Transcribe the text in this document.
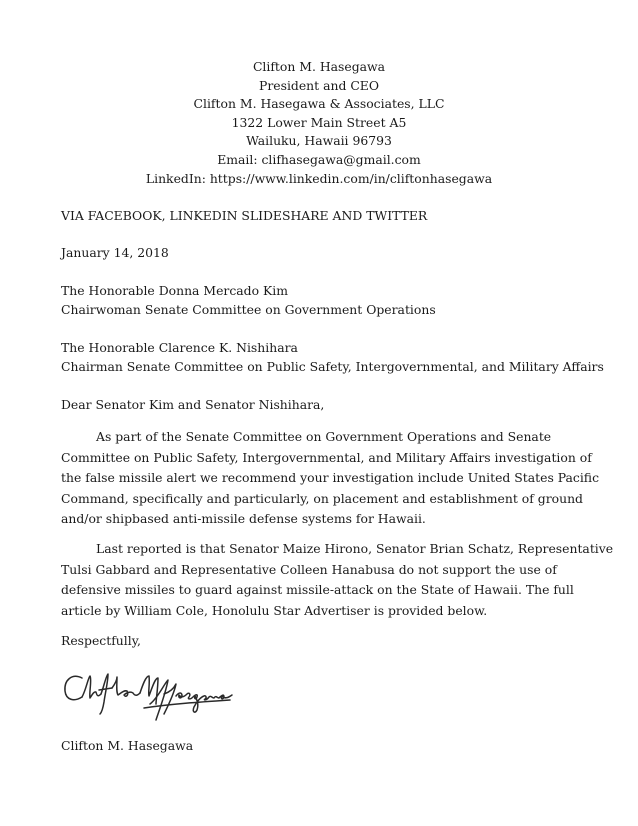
Clifton M. Hasegawa
President and CEO
Clifton M. Hasegawa & Associates, LLC
1322 Lower Main Street A5
Wailuku, Hawaii 96793
Email: clifhasegawa@gmail.com
LinkedIn: https://www.linkedin.com/in/cliftonhasegawa
VIA FACEBOOK, LINKEDIN SLIDESHARE AND TWITTER
January 14, 2018
The Honorable Donna Mercado Kim
Chairwoman Senate Committee on Government Operations
The Honorable Clarence K. Nishihara
Chairman Senate Committee on Public Safety, Intergovernmental, and Military Affairs
Dear Senator Kim and Senator Nishihara,
As part of the Senate Committee on Government Operations and Senate
Committee on Public Safety, Intergovernmental, and Military Affairs investigation of
the false missile alert we recommend your investigation include United States Pacific
Command, specifically and particularly, on placement and establishment of ground
and/or shipbased anti-missile defense systems for Hawaii.
Last reported is that Senator Maize Hirono, Senator Brian Schatz, Representative
Tulsi Gabbard and Representative Colleen Hanabusa do not support the use of
defensive missiles to guard against missile-attack on the State of Hawaii. The full
article by William Cole, Honolulu Star Advertiser is provided below.
Respectfully,
Clifton M. Hasegawa
